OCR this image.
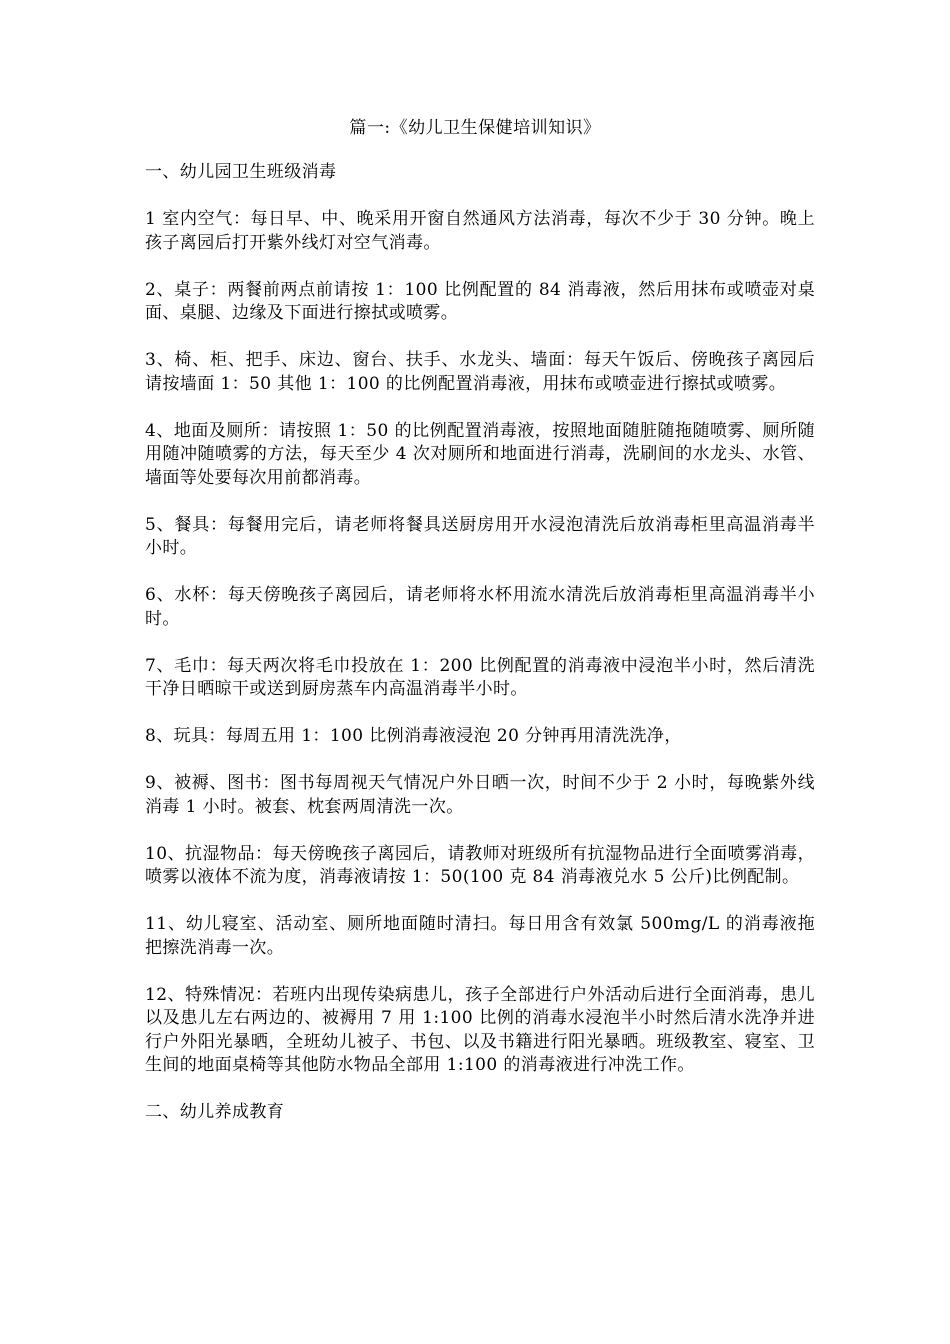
篇一:《幼儿卫生保健培训知识》

一、幼儿园卫生班级消毒

1 室内空气：每日早、中、晚采用开窗自然通风方法消毒，每次不少于 30 分钟。晚上孩子离园后打开紫外线灯对空气消毒。

2、桌子：两餐前两点前请按 1：100 比例配置的 84 消毒液，然后用抹布或喷壶对桌面、桌腿、边缘及下面进行擦拭或喷雾。

3、椅、柜、把手、床边、窗台、扶手、水龙头、墙面：每天午饭后、傍晚孩子离园后请按墙面 1：50 其他 1：100 的比例配置消毒液，用抹布或喷壶进行擦拭或喷雾。

4、地面及厕所：请按照 1：50 的比例配置消毒液，按照地面随脏随拖随喷雾、厕所随用随冲随喷雾的方法，每天至少 4 次对厕所和地面进行消毒，洗刷间的水龙头、水管、墙面等处要每次用前都消毒。

5、餐具：每餐用完后，请老师将餐具送厨房用开水浸泡清洗后放消毒柜里高温消毒半小时。

6、水杯：每天傍晚孩子离园后，请老师将水杯用流水清洗后放消毒柜里高温消毒半小时。

7、毛巾：每天两次将毛巾投放在 1：200 比例配置的消毒液中浸泡半小时，然后清洗干净日晒晾干或送到厨房蒸车内高温消毒半小时。

8、玩具：每周五用 1：100 比例消毒液浸泡 20 分钟再用清洗洗净，

9、被褥、图书：图书每周视天气情况户外日晒一次，时间不少于 2 小时，每晚紫外线消毒 1 小时。被套、枕套两周清洗一次。

10、抗湿物品：每天傍晚孩子离园后，请教师对班级所有抗湿物品进行全面喷雾消毒，喷雾以液体不流为度，消毒液请按 1：50(100 克 84 消毒液兑水 5 公斤)比例配制。

11、幼儿寝室、活动室、厕所地面随时清扫。每日用含有效氯 500mg/L 的消毒液拖把擦洗消毒一次。

12、特殊情况：若班内出现传染病患儿，孩子全部进行户外活动后进行全面消毒，患儿以及患儿左右两边的、被褥用 7 用 1:100 比例的消毒水浸泡半小时然后清水洗净并进行户外阳光暴晒，全班幼儿被子、书包、以及书籍进行阳光暴晒。班级教室、寝室、卫生间的地面桌椅等其他防水物品全部用 1:100 的消毒液进行冲洗工作。

二、幼儿养成教育
